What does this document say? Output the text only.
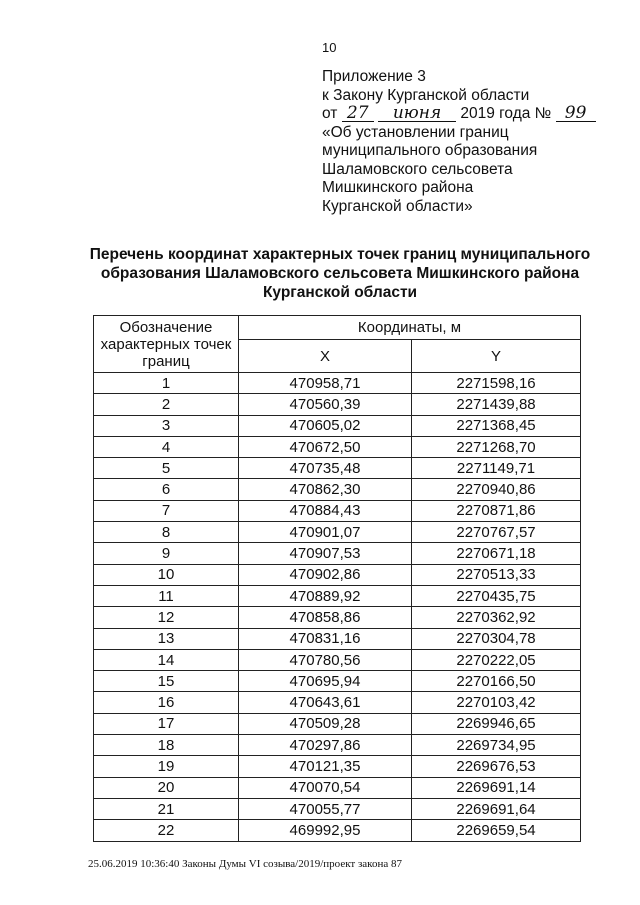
10
Приложение 3
к Закону Курганской области
от 27 июня 2019 года № 99
«Об установлении границ
муниципального образования
Шаламовского сельсовета
Мишкинского района
Курганской области»
Перечень координат характерных точек границ муниципального
образования Шаламовского сельсовета Мишкинского района
Курганской области
Обозначение характерных точек границ	Координаты, м	
	X	Y
1	470958,71	2271598,16
2	470560,39	2271439,88
3	470605,02	2271368,45
4	470672,50	2271268,70
5	470735,48	2271149,71
6	470862,30	2270940,86
7	470884,43	2270871,86
8	470901,07	2270767,57
9	470907,53	2270671,18
10	470902,86	2270513,33
11	470889,92	2270435,75
12	470858,86	2270362,92
13	470831,16	2270304,78
14	470780,56	2270222,05
15	470695,94	2270166,50
16	470643,61	2270103,42
17	470509,28	2269946,65
18	470297,86	2269734,95
19	470121,35	2269676,53
20	470070,54	2269691,14
21	470055,77	2269691,64
22	469992,95	2269659,54
25.06.2019 10:36:40 Законы Думы VI созыва/2019/проект закона 87
